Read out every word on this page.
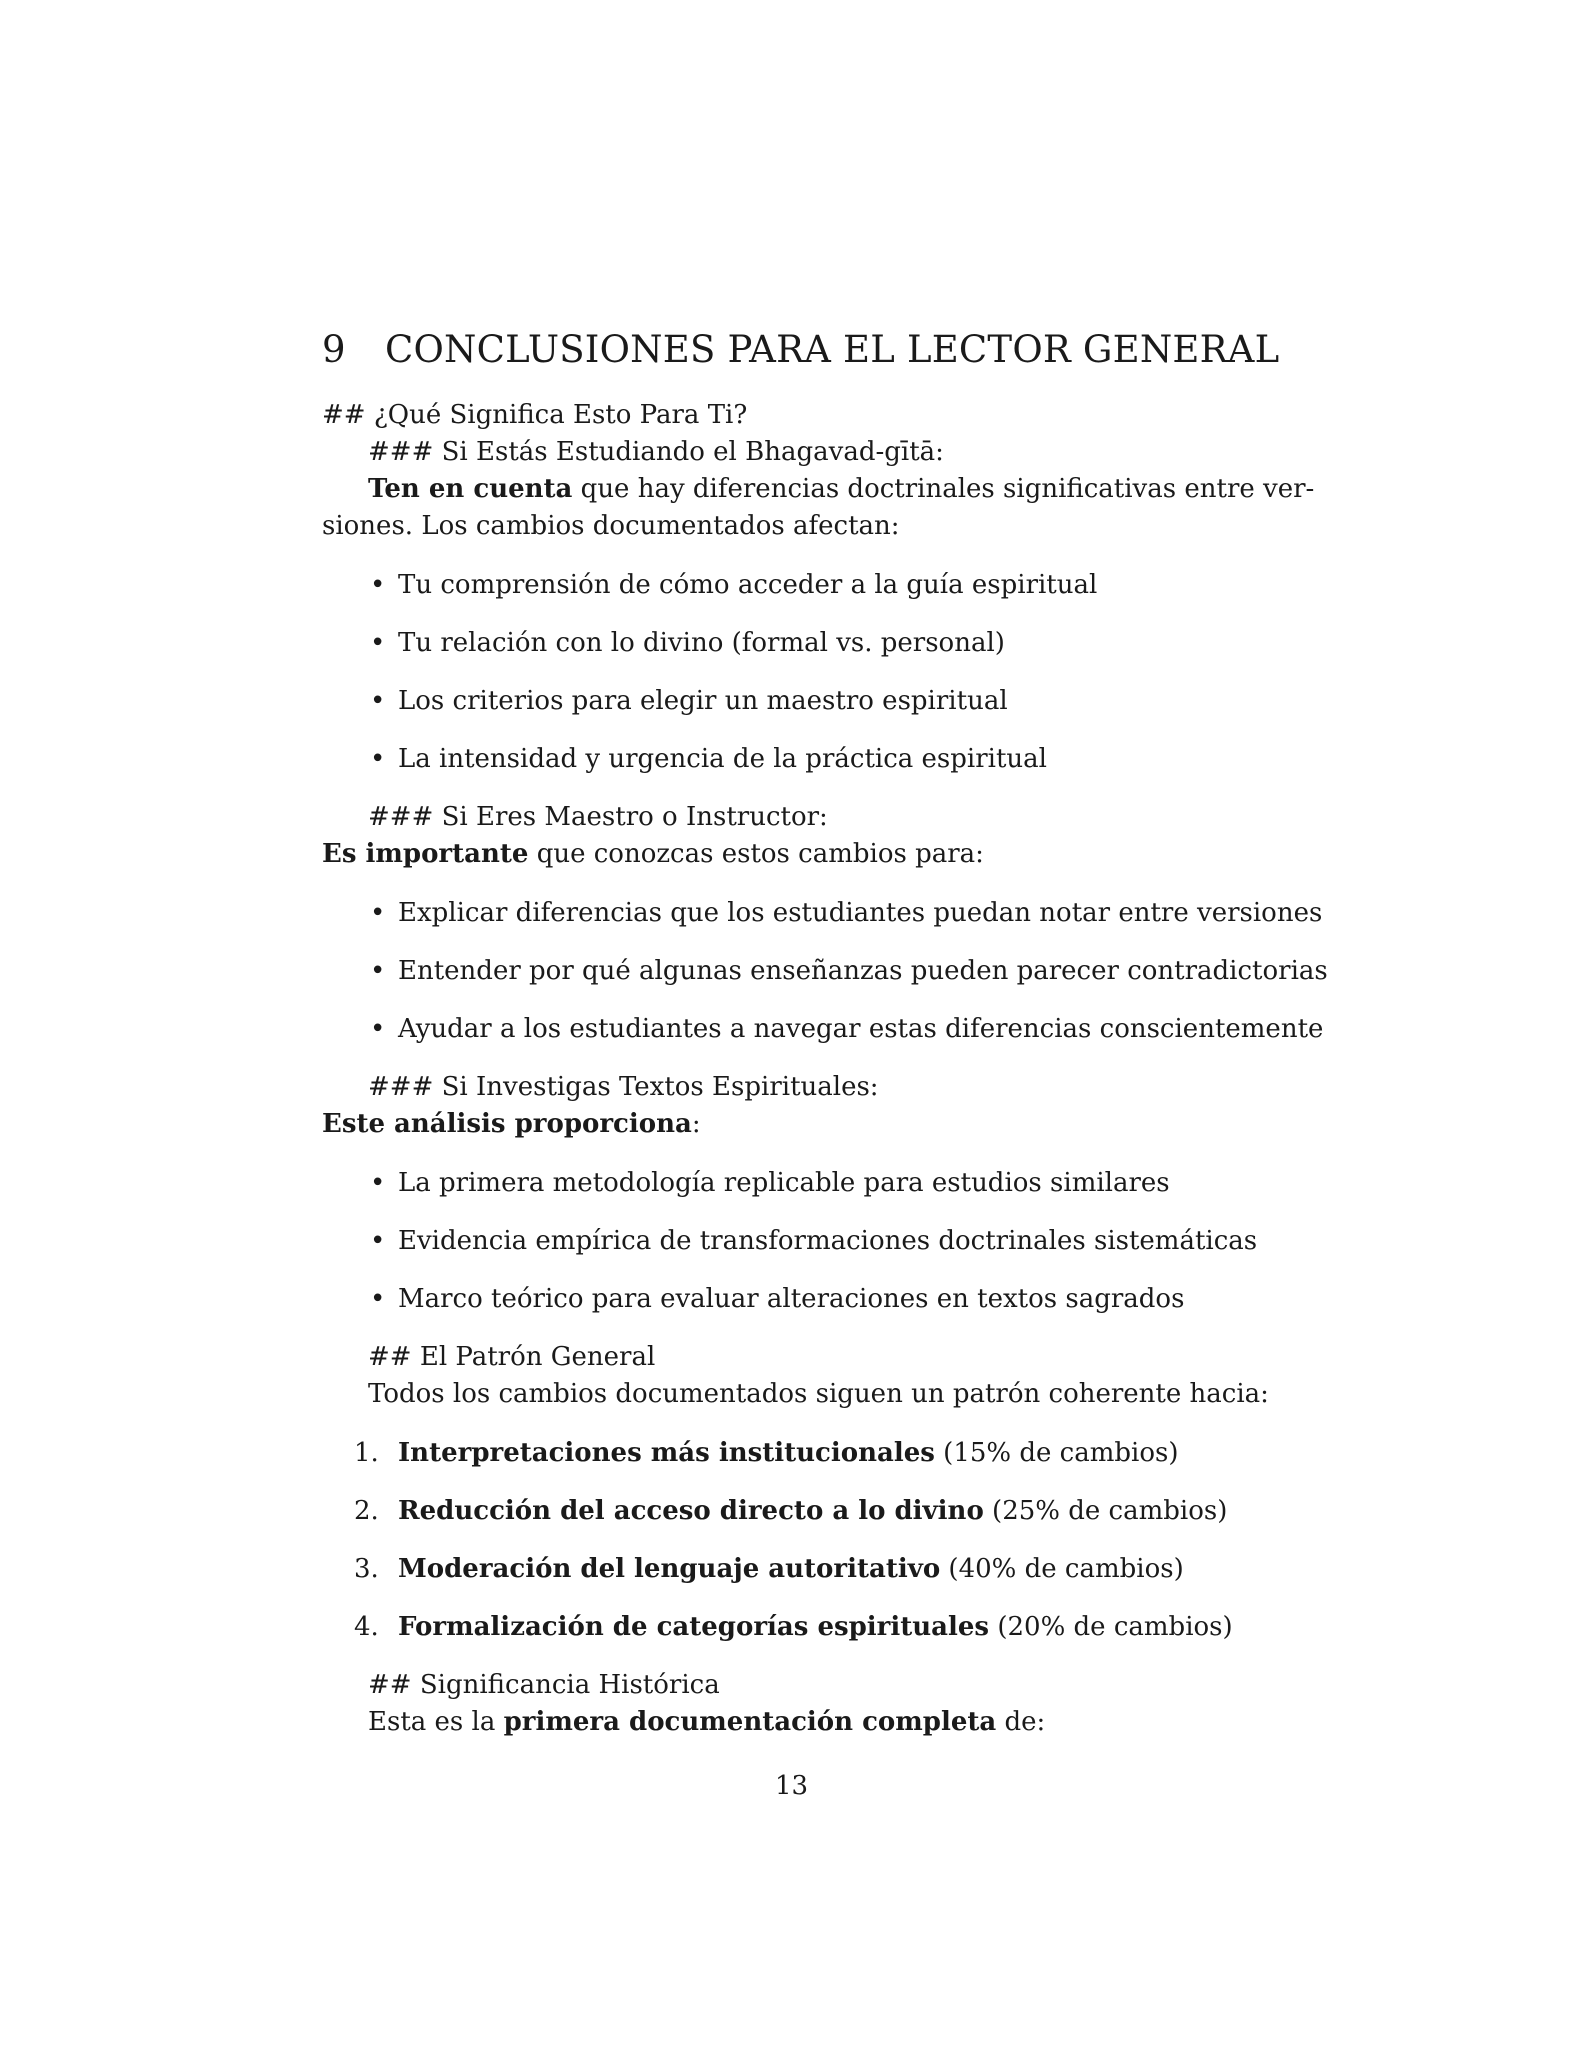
9 CONCLUSIONES PARA EL LECTOR GENERAL

## ¿Qué Significa Esto Para Ti?

### Si Estás Estudiando el Bhagavad-gītā:

Ten en cuenta que hay diferencias doctrinales significativas entre ver-
siones. Los cambios documentados afectan:

• Tu comprensión de cómo acceder a la guía espiritual
• Tu relación con lo divino (formal vs. personal)
• Los criterios para elegir un maestro espiritual
• La intensidad y urgencia de la práctica espiritual

### Si Eres Maestro o Instructor:

Es importante que conozcas estos cambios para:

• Explicar diferencias que los estudiantes puedan notar entre versiones
• Entender por qué algunas enseñanzas pueden parecer contradictorias
• Ayudar a los estudiantes a navegar estas diferencias conscientemente

### Si Investigas Textos Espirituales:

Este análisis proporciona:

• La primera metodología replicable para estudios similares
• Evidencia empírica de transformaciones doctrinales sistemáticas
• Marco teórico para evaluar alteraciones en textos sagrados

## El Patrón General

Todos los cambios documentados siguen un patrón coherente hacia:

1. Interpretaciones más institucionales (15% de cambios)
2. Reducción del acceso directo a lo divino (25% de cambios)
3. Moderación del lenguaje autoritativo (40% de cambios)
4. Formalización de categorías espirituales (20% de cambios)

## Significancia Histórica

Esta es la primera documentación completa de:

13
